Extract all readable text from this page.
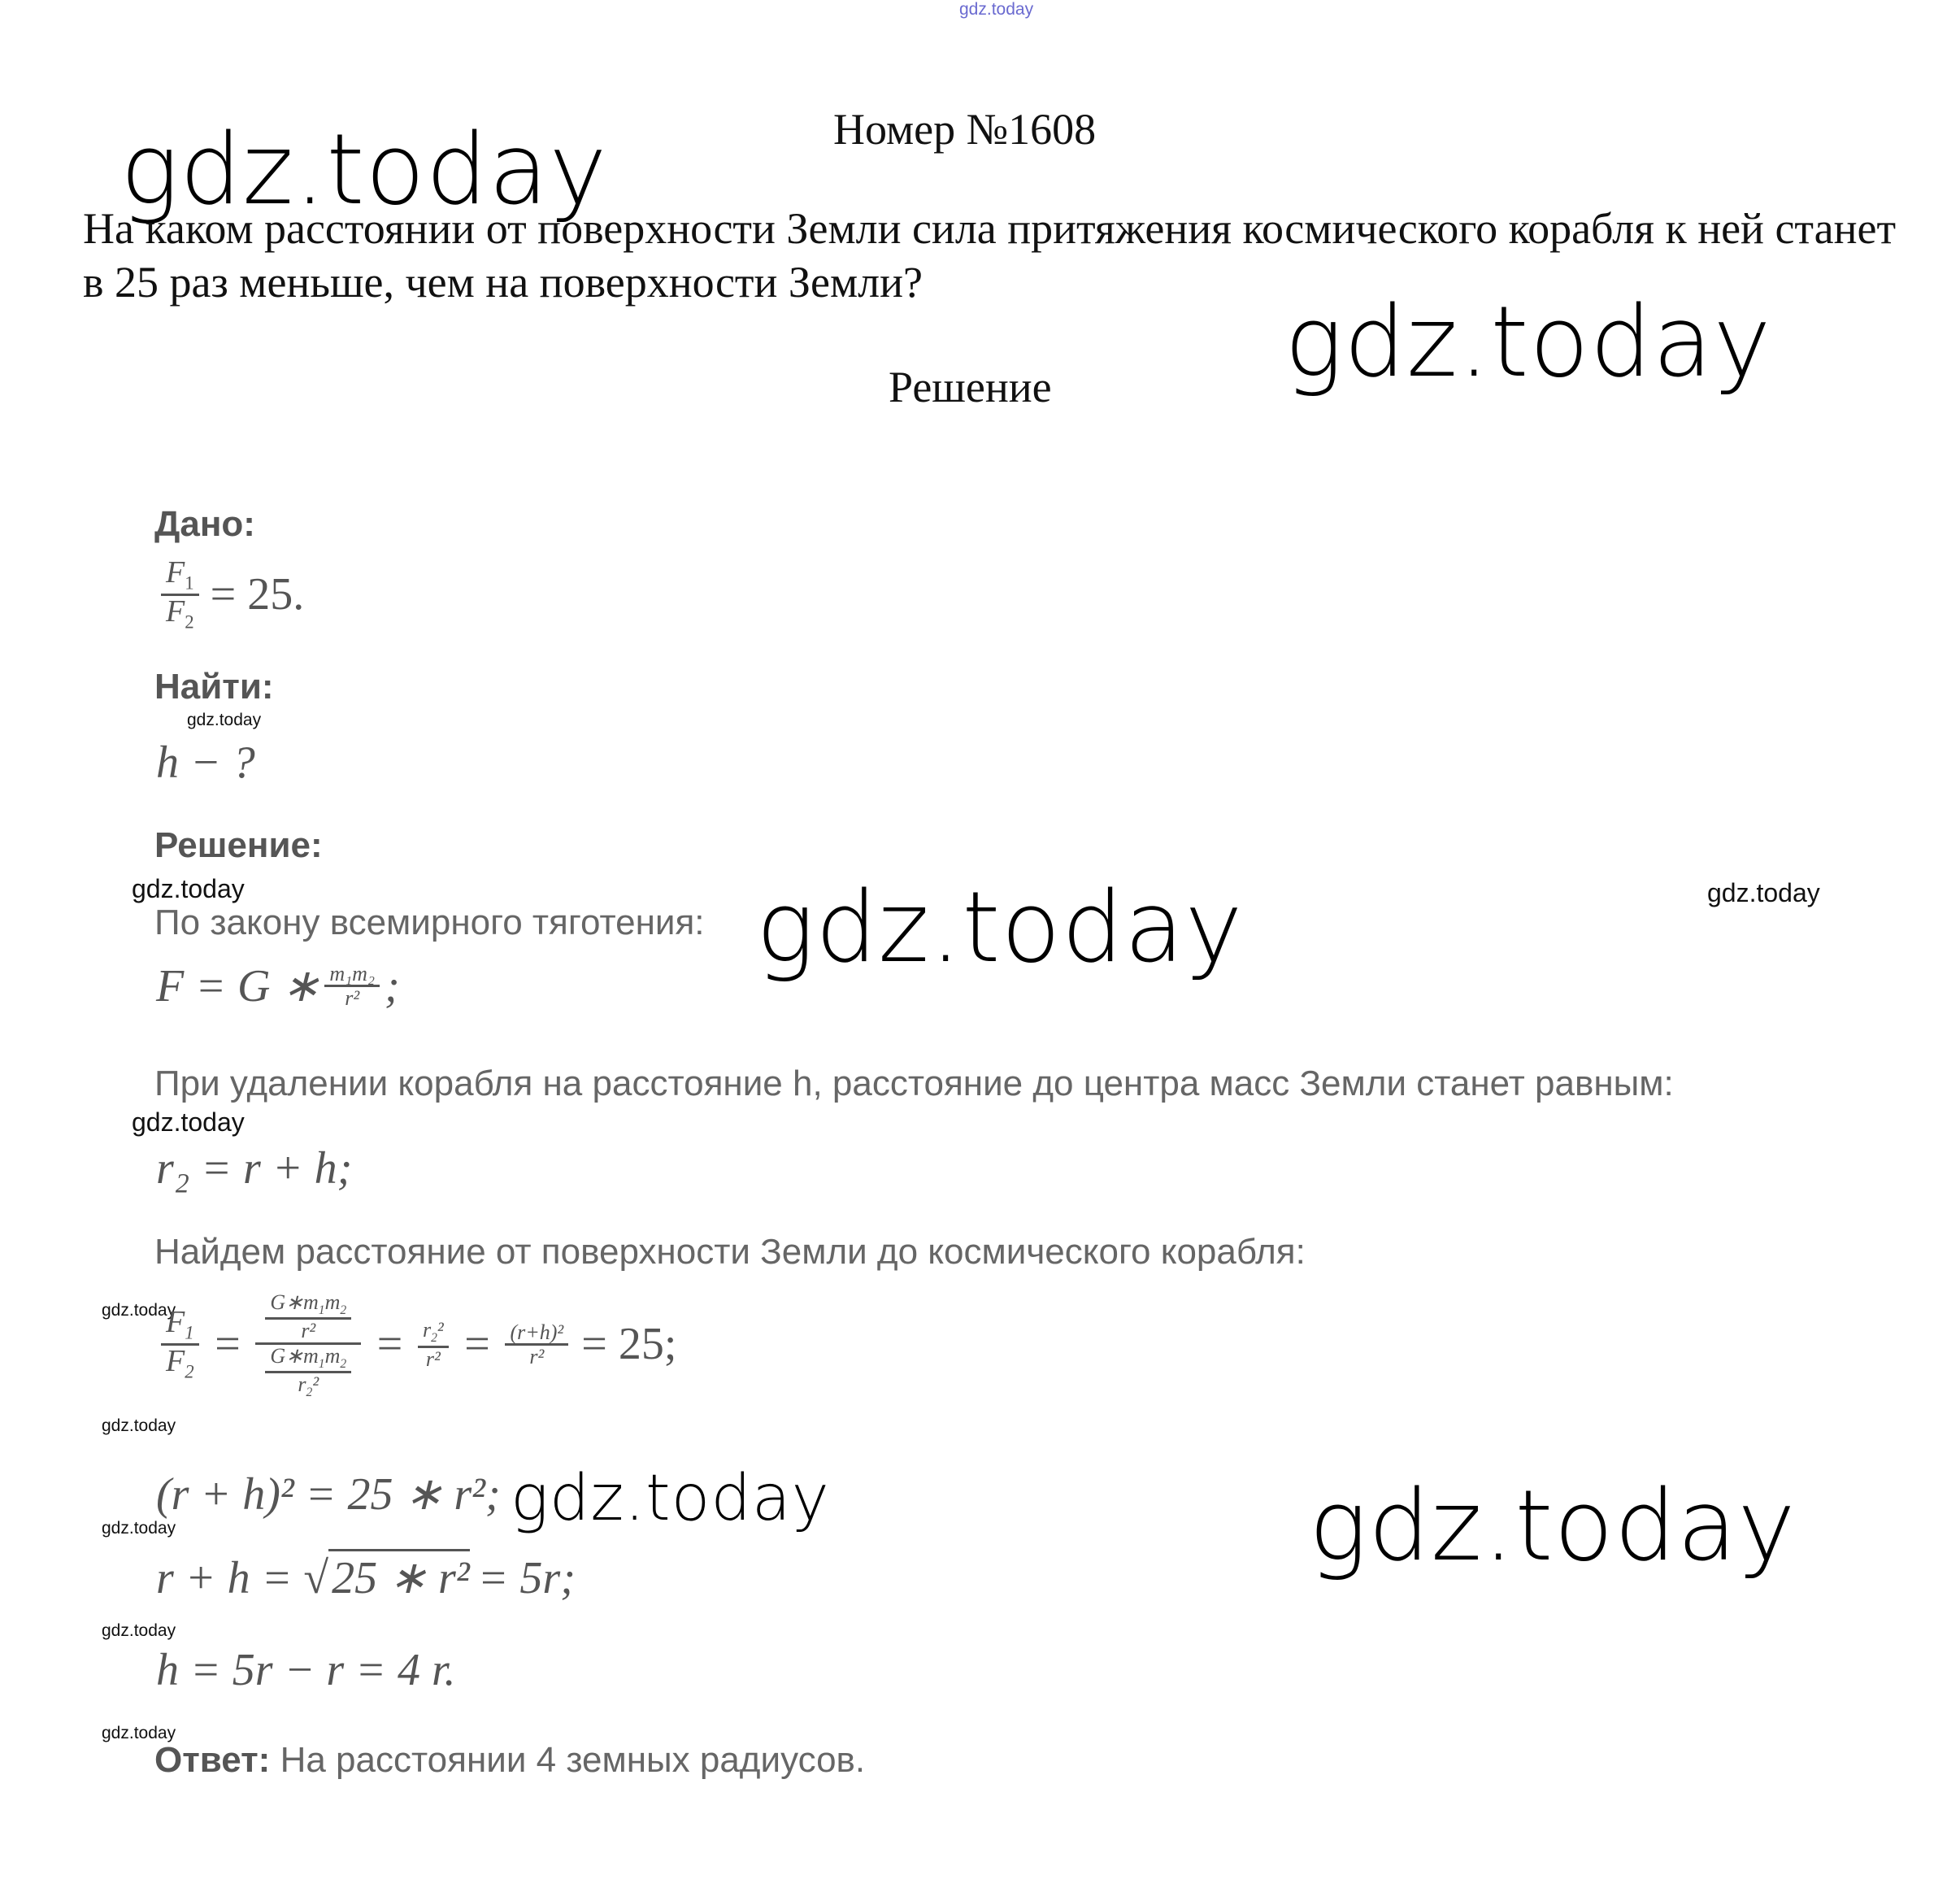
gdz.today
Номер №1608
gdz.today
На каком расстоянии от поверхности Земли сила притяжения космического корабля к ней станет в 25 раз меньше, чем на поверхности Земли?
gdz.today
Решение
Дано:
$\frac{F_1}{F_2} = 25$.
Найти:
gdz.today
h − ?
Решение:
gdz.today	gdz.today
По закону всемирного тяготения: gdz.today
F = G ∗ $\frac{\text{m₁m₂}}{\text{r²}}$ ;
При удалении корабля на расстояние h, расстояние до центра масс Земли станет равным:
gdz.today
r₂ = r + h;
Найдем расстояние от поверхности Земли до космического корабля:
gdz.today
$\frac{F_1}{F_2} = \frac{\frac{G∗m_1m_2}{\text{r²}}}{\frac{G∗m_1m_2}{r_2^2}} = \frac{r_2^2}{\text{r²}} = \frac{\text{(r+h)²}}{\text{r²}} = 25$;
gdz.today
(r + h)² = 25 ∗ r²; gdz.today	gdz.today
gdz.today
r + h = √ 25 ∗ r² = 5r;
gdz.today
h = 5r − r = 4 r.
gdz.today
Ответ: На расстоянии 4 земных радиусов.
